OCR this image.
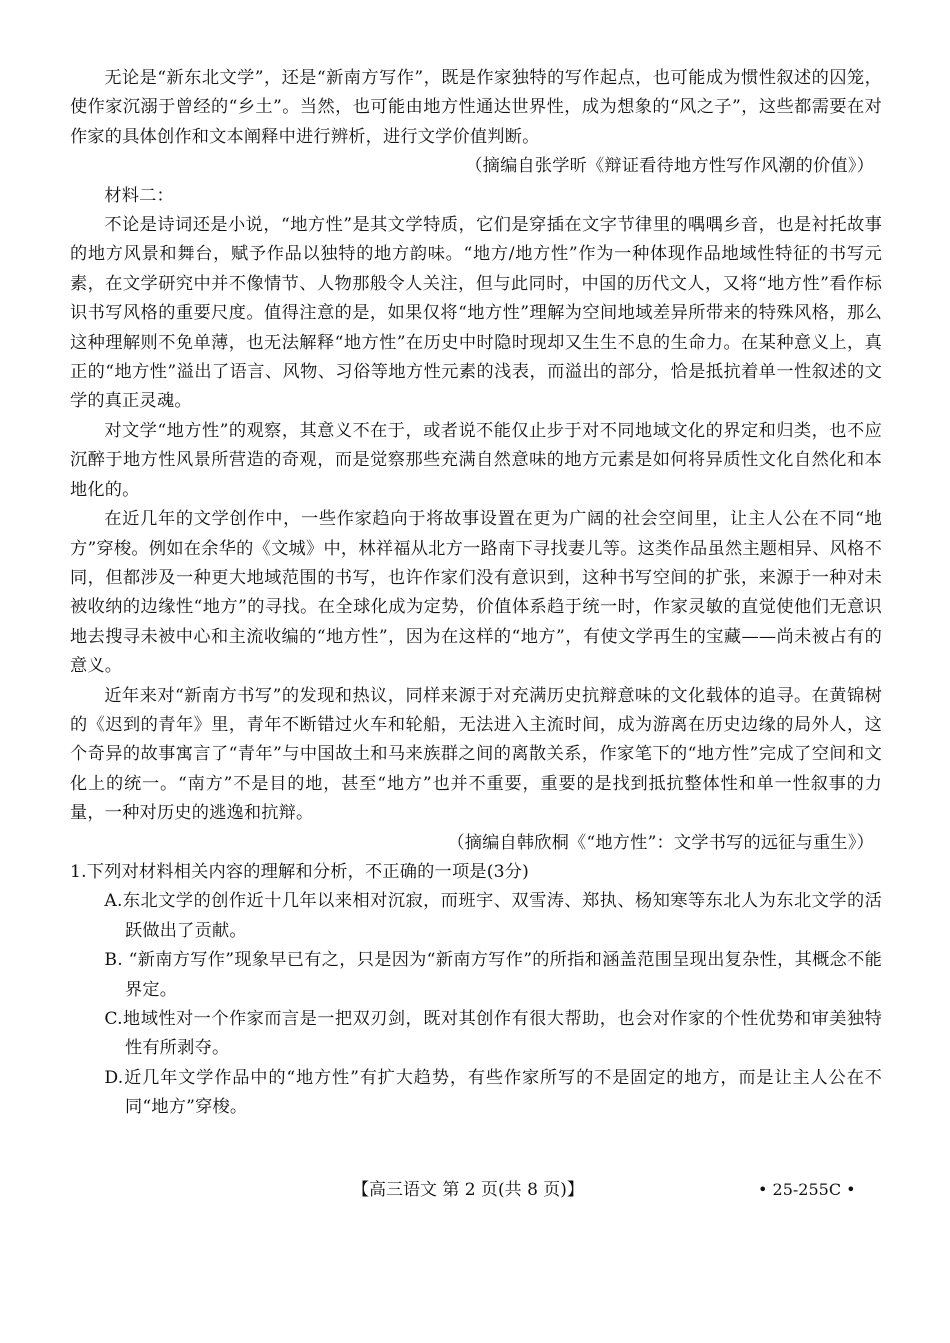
无论是“新东北文学”，还是“新南方写作”，既是作家独特的写作起点，也可能成为惯性叙述的囚笼，使作家沉溺于曾经的“乡土”。当然，也可能由地方性通达世界性，成为想象的“风之子”，这些都需要在对作家的具体创作和文本阐释中进行辨析，进行文学价值判断。

（摘编自张学昕《辩证看待地方性写作风潮的价值》）

材料二：

不论是诗词还是小说，“地方性”是其文学特质，它们是穿插在文字节律里的喁喁乡音，也是衬托故事的地方风景和舞台，赋予作品以独特的地方韵味。“地方/地方性”作为一种体现作品地域性特征的书写元素，在文学研究中并不像情节、人物那般令人关注，但与此同时，中国的历代文人，又将“地方性”看作标识书写风格的重要尺度。值得注意的是，如果仅将“地方性”理解为空间地域差异所带来的特殊风格，那么这种理解则不免单薄，也无法解释“地方性”在历史中时隐时现却又生生不息的生命力。在某种意义上，真正的“地方性”溢出了语言、风物、习俗等地方性元素的浅表，而溢出的部分，恰是抵抗着单一性叙述的文学的真正灵魂。

对文学“地方性”的观察，其意义不在于，或者说不能仅止步于对不同地域文化的界定和归类，也不应沉醉于地方性风景所营造的奇观，而是觉察那些充满自然意味的地方元素是如何将异质性文化自然化和本地化的。

在近几年的文学创作中，一些作家趋向于将故事设置在更为广阔的社会空间里，让主人公在不同“地方”穿梭。例如在余华的《文城》中，林祥福从北方一路南下寻找妻儿等。这类作品虽然主题相异、风格不同，但都涉及一种更大地域范围的书写，也许作家们没有意识到，这种书写空间的扩张，来源于一种对未被收纳的边缘性“地方”的寻找。在全球化成为定势，价值体系趋于统一时，作家灵敏的直觉使他们无意识地去搜寻未被中心和主流收编的“地方性”，因为在这样的“地方”，有使文学再生的宝藏——尚未被占有的意义。

近年来对“新南方书写”的发现和热议，同样来源于对充满历史抗辩意味的文化载体的追寻。在黄锦树的《迟到的青年》里，青年不断错过火车和轮船，无法进入主流时间，成为游离在历史边缘的局外人，这个奇异的故事寓言了“青年”与中国故土和马来族群之间的离散关系，作家笔下的“地方性”完成了空间和文化上的统一。“南方”不是目的地，甚至“地方”也并不重要，重要的是找到抵抗整体性和单一性叙事的力量，一种对历史的逃逸和抗辩。

（摘编自韩欣桐《“地方性”：文学书写的远征与重生》）

1.下列对材料相关内容的理解和分析，不正确的一项是(3分)

A.东北文学的创作近十几年以来相对沉寂，而班宇、双雪涛、郑执、杨知寒等东北人为东北文学的活跃做出了贡献。

B. “新南方写作”现象早已有之，只是因为“新南方写作”的所指和涵盖范围呈现出复杂性，其概念不能界定。

C.地域性对一个作家而言是一把双刃剑，既对其创作有很大帮助，也会对作家的个性优势和审美独特性有所剥夺。

D.近几年文学作品中的“地方性”有扩大趋势，有些作家所写的不是固定的地方，而是让主人公在不同“地方”穿梭。

【高三语文 第 2 页(共 8 页)】	• 25-255C •
